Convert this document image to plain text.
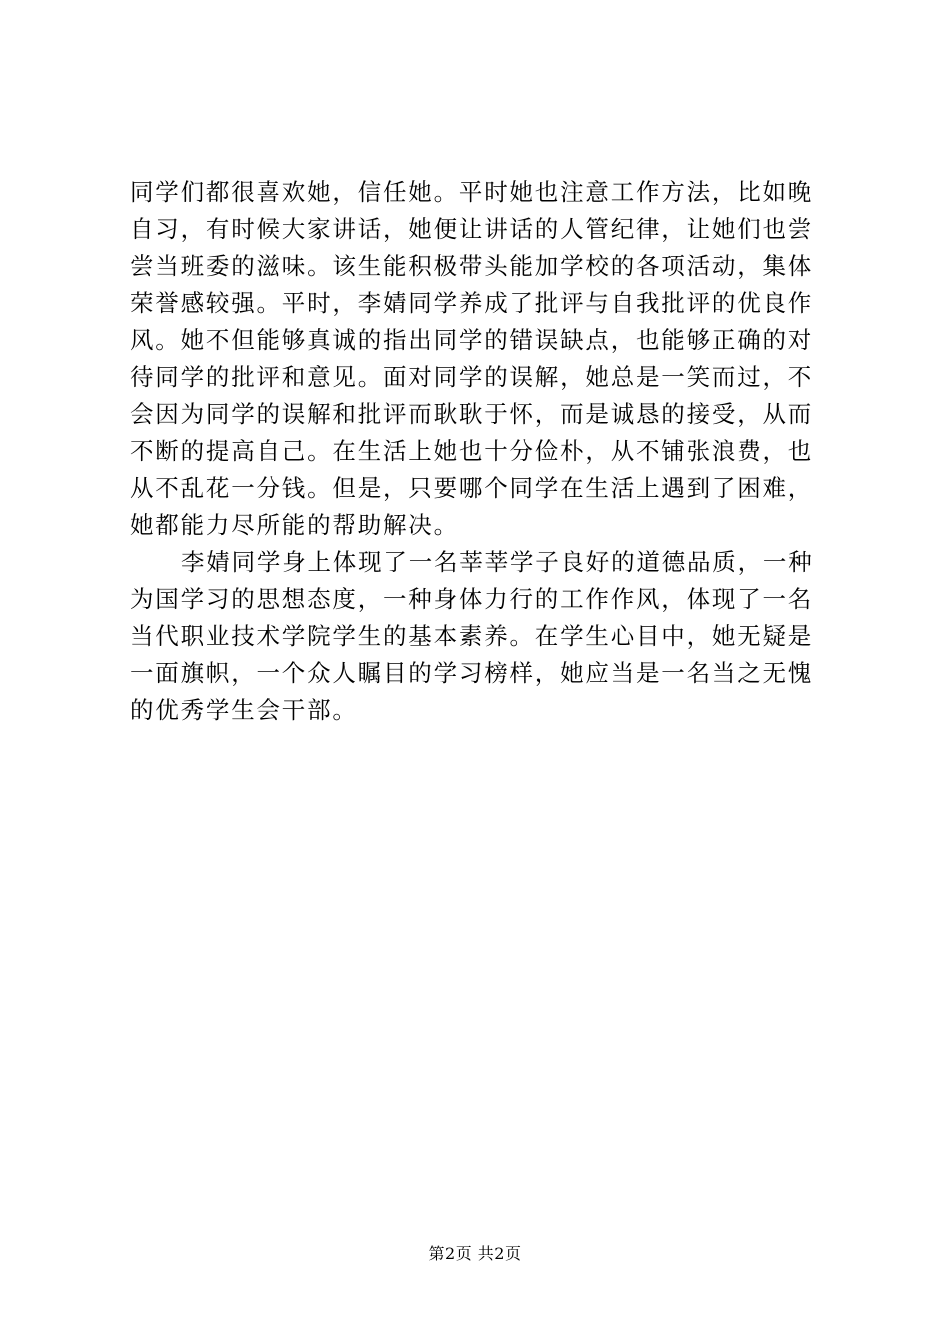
同学们都很喜欢她，信任她。平时她也注意工作方法，比如晚
自习，有时候大家讲话，她便让讲话的人管纪律，让她们也尝
尝当班委的滋味。该生能积极带头能加学校的各项活动，集体
荣誉感较强。平时，李婧同学养成了批评与自我批评的优良作
风。她不但能够真诚的指出同学的错误缺点，也能够正确的对
待同学的批评和意见。面对同学的误解，她总是一笑而过，不
会因为同学的误解和批评而耿耿于怀，而是诚恳的接受，从而
不断的提高自己。在生活上她也十分俭朴，从不铺张浪费，也
从不乱花一分钱。但是，只要哪个同学在生活上遇到了困难，
她都能力尽所能的帮助解决。
李婧同学身上体现了一名莘莘学子良好的道德品质，一种
为国学习的思想态度，一种身体力行的工作作风，体现了一名
当代职业技术学院学生的基本素养。在学生心目中，她无疑是
一面旗帜，一个众人瞩目的学习榜样，她应当是一名当之无愧
的优秀学生会干部。
第2页 共2页
